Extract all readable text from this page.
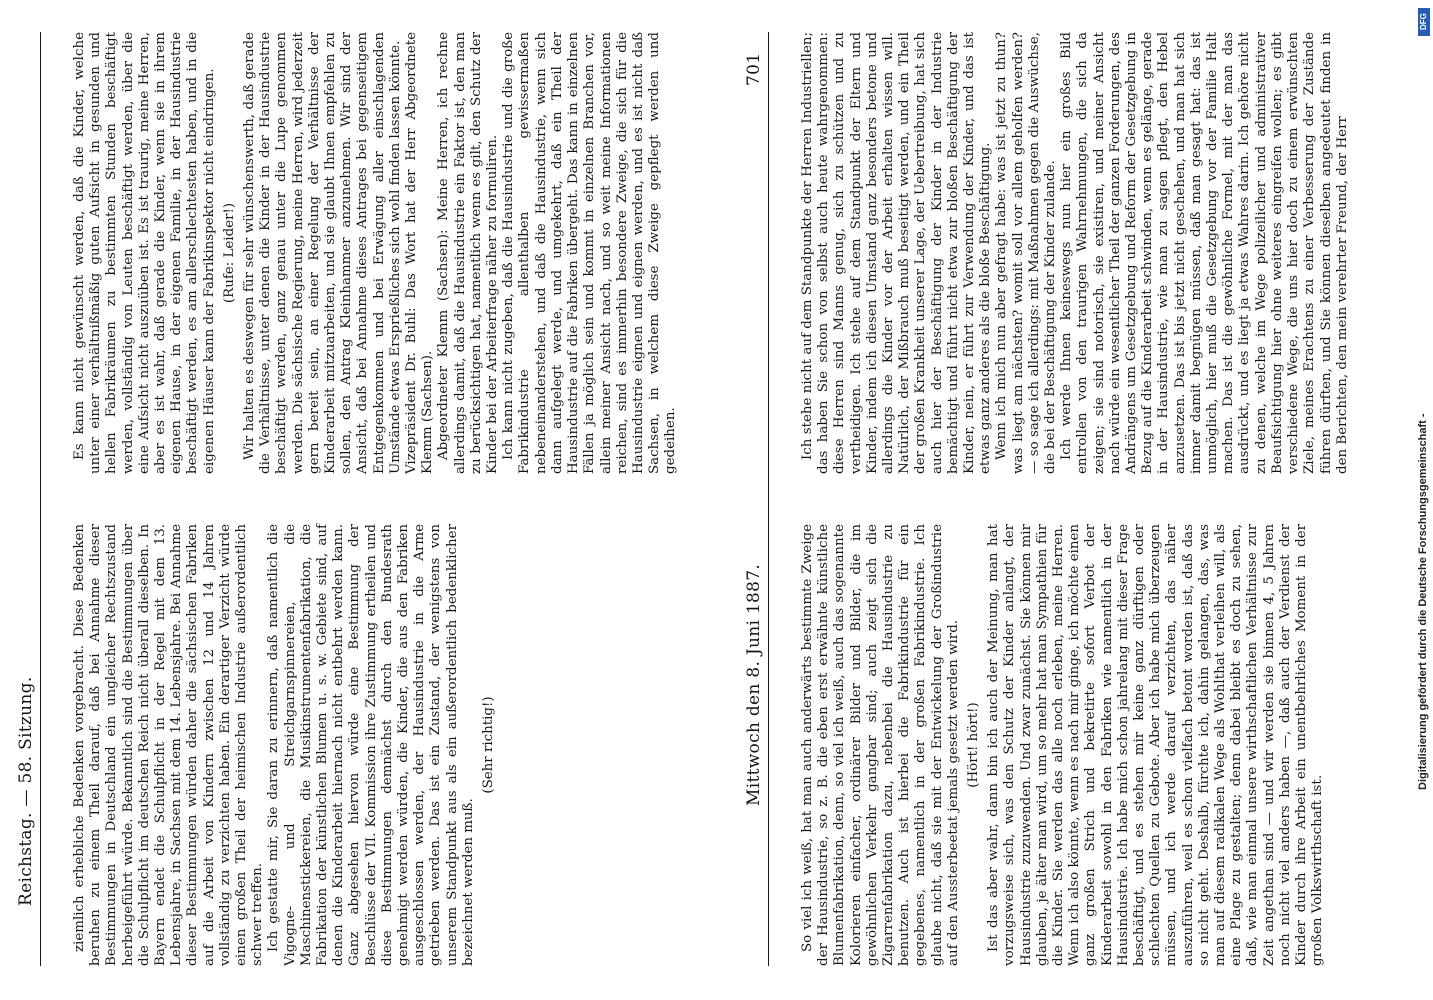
Reichstag. — 58. Sitzung.	ziemlich erhebliche Bedenken vorgebracht. Diese Bedenken beruhen zu einem Theil darauf, daß bei Annahme dieser Bestimmungen in Deutschland ein ungleicher Rechtszustand herbeigeführt würde. Bekanntlich sind die Bestimmungen über die Schulpflicht im deutschen Reich nicht überall dieselben. In Bayern endet die Schulpflicht in der Regel mit dem 13. Lebensjahre, in Sachsen mit dem 14. Lebensjahre. Bei Annahme dieser Bestimmungen würden daher die sächsischen Fabriken auf die Arbeit von Kindern zwischen 12 und 14 Jahren vollständig zu verzichten haben. Ein derartiger Verzicht würde einen großen Theil der heimischen Industrie außerordentlich schwer treffen. Ich gestatte mir, Sie daran zu erinnern, daß namentlich die Vigogne- und Streichgarnspinnereien, die Maschinenstickereien, die Musikinstrumentenfabrikation, die Fabrikation der künstlichen Blumen u. s. w. Gebiete sind, auf denen die Kinderarbeit hiernach nicht entbehrt werden kann. Ganz abgesehen hiervon würde eine Bestimmung der Beschlüsse der VII. Kommission ihre Zustimmung ertheilen und diese Bestimmungen demnächst durch den Bundesrath genehmigt werden würden, die Kinder, die aus den Fabriken ausgeschlossen werden, der Hausindustrie in die Arme getrieben werden. Das ist ein Zustand, der wenigstens von unserem Standpunkt aus als ein außerordentlich bedenklicher bezeichnet werden muß.

(Sehr richtig!)

Es kann nicht gewünscht werden, daß die Kinder, welche unter einer verhältnißmäßig guten Aufsicht in gesunden und hellen Fabrikräumen zu bestimmten Stunden beschäftigt werden, vollständig von Leuten beschäftigt werden, über die eine Aufsicht nicht auszuüben ist. Es ist traurig, meine Herren, aber es ist wahr, daß gerade die Kinder, wenn sie in ihrem eigenen Hause, in der eigenen Familie, in der Hausindustrie beschäftigt werden, es am allerschlechtesten haben, und in die eigenen Häuser kann der Fabrikinspektor nicht eindringen. (Rufe: Leider!) Wir halten es deswegen für sehr wünschenswerth, daß gerade die Verhältnisse, unter denen die Kinder in der Hausindustrie beschäftigt werden, ganz genau unter die Lupe genommen werden. Die sächsische Regierung, meine Herren, wird jederzeit gern bereit sein, an einer Regelung der Verhältnisse der Kinderarbeit mitzuarbeiten, und sie glaubt Ihnen empfehlen zu sollen, den Antrag Kleinhammer anzunehmen. Wir sind der Ansicht, daß bei Annahme dieses Antrages bei gegenseitigem Entgegenkommen und bei Erwägung aller einschlagenden Umstände etwas Ersprießliches sich wohl finden lassen könnte. Vizepräsident Dr. Buhl: Das Wort hat der Herr Abgeordnete Klemm (Sachsen). Abgeordneter Klemm (Sachsen): Meine Herren, ich rechne allerdings damit, daß die Hausindustrie ein Faktor ist, den man zu berücksichtigen hat, namentlich wenn es gilt, den Schutz der Kinder bei der Arbeiterfrage näher zu formuliren. Ich kann nicht zugeben, daß die Hausindustrie und die große Fabrikindustrie allenthalben gewissermaßen nebeneinanderstehen, und daß die Hausindustrie, wenn sich dann aufgelegt werde, und umgekehrt, daß ein Theil der Hausindustrie auf die Fabriken übergeht. Das kann in einzelnen Fällen ja möglich sein und kommt in einzelnen Branchen vor, allein meiner Ansicht nach, und so weit meine Informationen reichen, sind es immerhin besondere Zweige, die sich für die Hausindustrie eignen und eignen werden, und es ist nicht daß Sachsen, in welchem diese Zweige gepflegt werden und gedeihen.

Mittwoch den 8. Juni 1887.
701

So viel ich weiß, hat man auch anderwärts bestimmte Zweige der Hausindustrie, so z. B. die eben erst erwähnte künstliche Blumenfabrikation, denn, so viel ich weiß, auch das sogenannte Kolorieren einfacher, ordinärer Bilder und Bilder, die im gewöhnlichen Verkehr gangbar sind; auch zeigt sich die Zigarrenfabrikation dazu, nebenbei die Hausindustrie zu benutzen. Auch ist hierbei die Fabrikindustrie für ein gegebenes, namentlich in der großen Fabrikindustrie. Ich glaube nicht, daß sie mit der Entwickelung der Großindustrie auf den Aussterbeetat jemals gesetzt werden wird. (Hört! hört!) Ist das aber wahr, dann bin ich auch der Meinung, man hat vorzugsweise sich, was den Schutz der Kinder anlangt, der Hausindustrie zuzuwenden. Und zwar zunächst. Sie können mir glauben, je älter man wird, um so mehr hat man Sympathien für die Kinder. Sie werden das alle noch erleben, meine Herren. Wenn ich also könnte, wenn es nach mir ginge, ich möchte einen ganz großen Strich und bekretirte sofort Verbot der Kinderarbeit sowohl in den Fabriken wie namentlich in der Hausindustrie. Ich habe mich schon jahrelang mit dieser Frage beschäftigt, und es stehen mir keine ganz dürftigen oder schlechten Quellen zu Gebote. Aber ich habe mich überzeugen müssen, und ich werde darauf verzichten, das näher auszuführen, weil es schon vielfach betont worden ist, daß das so nicht geht. Deshalb, fürchte ich, dahin gelangen, das, was man auf diesem radikalen Wege als Wohlthat verleihen will, als eine Plage zu gestalten; denn dabei bleibt es doch zu sehen, daß, wie man einmal unsere wirthschaftlichen Verhältnisse zur Zeit angethan sind — und wir werden sie binnen 4, 5 Jahren noch nicht viel anders haben —, daß auch der Verdienst der Kinder durch ihre Arbeit ein unentbehrliches Moment in der großen Volkswirthschaft ist.

Ich stehe nicht auf dem Standpunkte der Herren Industriellen; das haben Sie schon von selbst auch heute wahrgenommen: diese Herren sind Manns genug, sich zu schützen und zu vertheidigen. Ich stehe auf dem Standpunkt der Eltern und Kinder, indem ich diesen Umstand ganz besonders betone und allerdings die Kinder vor der Arbeit erhalten wissen will. Natürlich, der Mißbrauch muß beseitigt werden, und ein Theil der großen Krankheit unserer Lage, der Uebertreibung, hat sich auch hier der Beschäftigung der Kinder in der Industrie bemächtigt und führt nicht etwa zur bloßen Beschäftigung der Kinder, nein, er führt zur Verwendung der Kinder, und das ist etwas ganz anderes als die bloße Beschäftigung. Wenn ich mich nun aber gefragt habe: was ist jetzt zu thun? was liegt am nächsten? womit soll vor allem geholfen werden? — so sage ich allerdings: mit Maßnahmen gegen die Auswüchse, die bei der Beschäftigung der Kinder zulande. Ich werde Ihnen keineswegs nun hier ein großes Bild entrollen von den traurigen Wahrnehmungen, die sich da zeigen; sie sind notorisch, sie existiren, und meiner Ansicht nach würde ein wesentlicher Theil der ganzen Forderungen, des Andrängens um Gesetzgebung und Reform der Gesetzgebung in Bezug auf die Kinderarbeit schwinden, wenn es gelänge, gerade in der Hausindustrie, wie man zu sagen pflegt, den Hebel anzusetzen. Das ist bis jetzt nicht geschehen, und man hat sich immer damit begnügen müssen, daß man gesagt hat: das ist unmöglich, hier muß die Gesetzgebung vor der Familie Halt machen. Das ist die gewöhnliche Formel, mit der man das ausdrückt, und es liegt ja etwas Wahres darin. Ich gehöre nicht zu denen, welche im Wege polizeilicher und administrativer Beaufsichtigung hier ohne weiteres eingreifen wollen; es gibt verschiedene Wege, die uns hier doch zu einem erwünschten Ziele, meines Erachtens zu einer Verbesserung der Zustände führen dürften, und Sie können dieselben angedeutet finden in den Berichten, den mein verehrter Freund, der Herr

Digitalisierung gefördert durch die Deutsche Forschungsgemeinschaft -
DFG
